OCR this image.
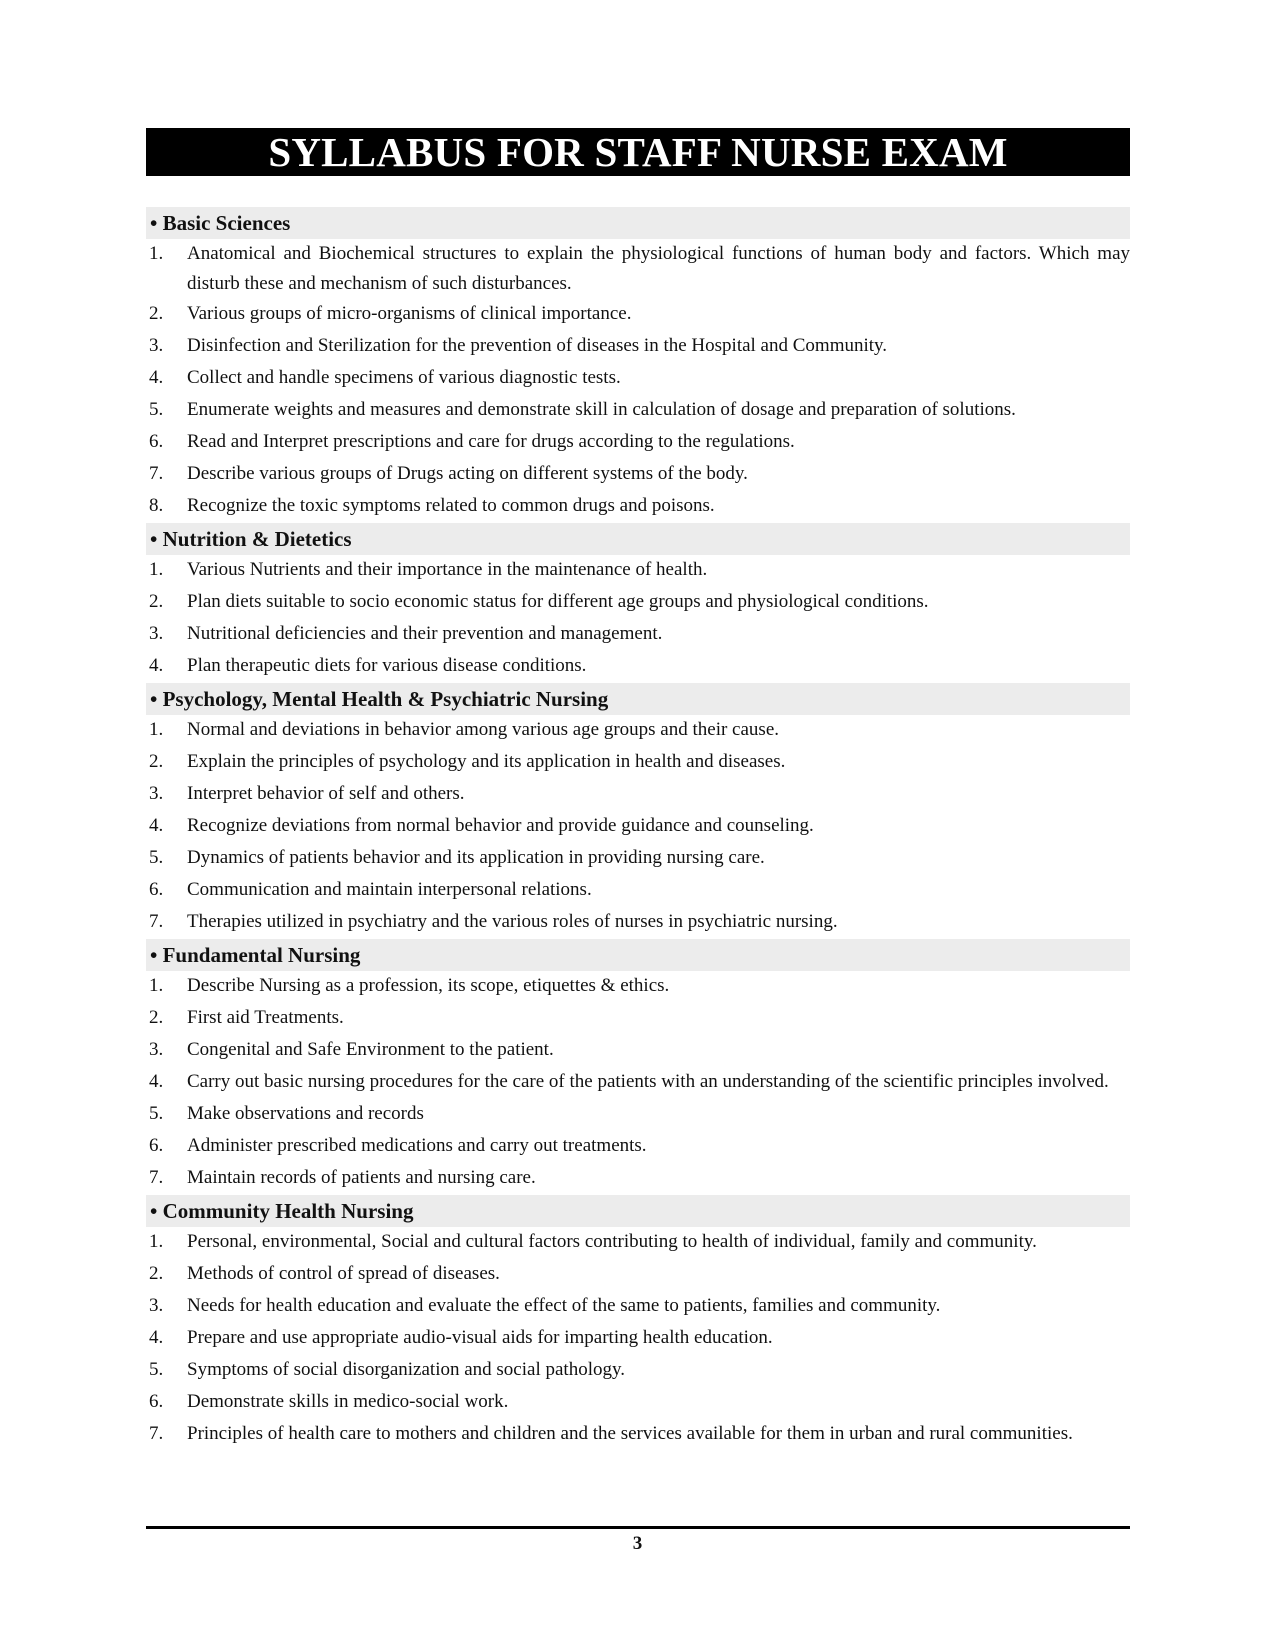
SYLLABUS FOR STAFF NURSE EXAM
• Basic Sciences
1.	Anatomical and Biochemical structures to explain the physiological functions of human body and factors. Which may disturb these and mechanism of such disturbances.
2.	Various groups of micro-organisms of clinical importance.
3.	Disinfection and Sterilization for the prevention of diseases in the Hospital and Community.
4.	Collect and handle specimens of various diagnostic tests.
5.	Enumerate weights and measures and demonstrate skill in calculation of dosage and preparation of solutions.
6.	Read and Interpret prescriptions and care for drugs according to the regulations.
7.	Describe various groups of Drugs acting on different systems of the body.
8.	Recognize the toxic symptoms related to common drugs and poisons.
• Nutrition & Dietetics
1.	Various Nutrients and their importance in the maintenance of health.
2.	Plan diets suitable to socio economic status for different age groups and physiological conditions.
3.	Nutritional deficiencies and their prevention and management.
4.	Plan therapeutic diets for various disease conditions.
• Psychology, Mental Health & Psychiatric Nursing
1.	Normal and deviations in behavior among various age groups and their cause.
2.	Explain the principles of psychology and its application in health and diseases.
3.	Interpret behavior of self and others.
4.	Recognize deviations from normal behavior and provide guidance and counseling.
5.	Dynamics of patients behavior and its application in providing nursing care.
6.	Communication and maintain interpersonal relations.
7.	Therapies utilized in psychiatry and the various roles of nurses in psychiatric nursing.
• Fundamental Nursing
1.	Describe Nursing as a profession, its scope, etiquettes & ethics.
2.	First aid Treatments.
3.	Congenital and Safe Environment to the patient.
4.	Carry out basic nursing procedures for the care of the patients with an understanding of the scientific principles involved.
5.	Make observations and records
6.	Administer prescribed medications and carry out treatments.
7.	Maintain records of patients and nursing care.
• Community Health Nursing
1.	Personal, environmental, Social and cultural factors contributing to health of individual, family and community.
2.	Methods of control of spread of diseases.
3.	Needs for health education and evaluate the effect of the same to patients, families and community.
4.	Prepare and use appropriate audio-visual aids for imparting health education.
5.	Symptoms of social disorganization and social pathology.
6.	Demonstrate skills in medico-social work.
7.	Principles of health care to mothers and children and the services available for them in urban and rural communities.
3
